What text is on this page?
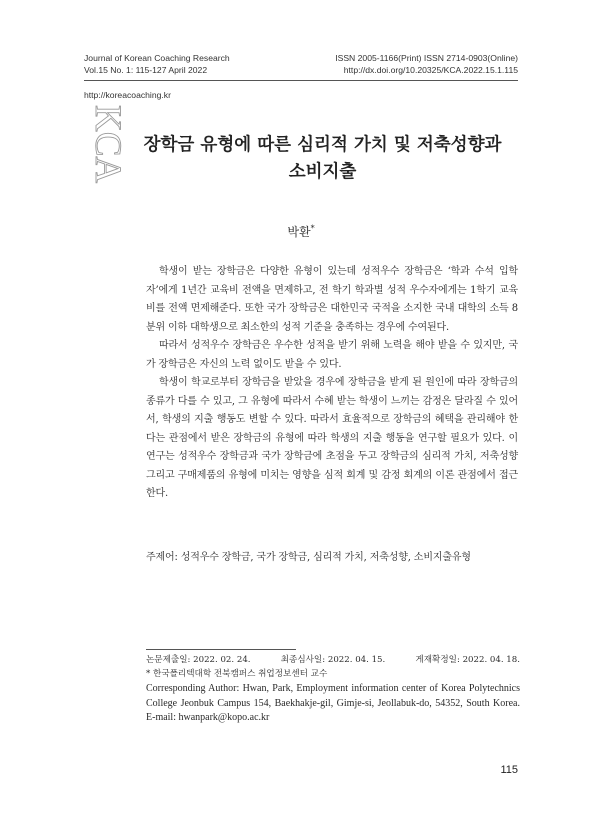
Journal of Korean Coaching Research
Vol.15 No. 1: 115-127 April 2022
ISSN 2005-1166(Print) ISSN 2714-0903(Online)
http://dx.doi.org/10.20325/KCA.2022.15.1.115
http://koreacoaching.kr
KCA 장학금 유형에 따른 심리적 가치 및 저축성향과
소비지출
박환*

학생이 받는 장학금은 다양한 유형이 있는데 성적우수 장학금은 ‘학과 수석 입학자’에게 1년간 교육비 전액을 면제하고, 전 학기 학과별 성적 우수자에게는 1학기 교육비를 전액 면제해준다. 또한 국가 장학금은 대한민국 국적을 소지한 국내 대학의 소득 8분위 이하 대학생으로 최소한의 성적 기준을 충족하는 경우에 수여된다.

따라서 성적우수 장학금은 우수한 성적을 받기 위해 노력을 해야 받을 수 있지만, 국가 장학금은 자신의 노력 없이도 받을 수 있다.

학생이 학교로부터 장학금을 받았을 경우에 장학금을 받게 된 원인에 따라 장학금의 종류가 다를 수 있고, 그 유형에 따라서 수혜 받는 학생이 느끼는 감정은 달라질 수 있어서, 학생의 지출 행동도 변할 수 있다. 따라서 효율적으로 장학금의 혜택을 관리해야 한다는 관점에서 받은 장학금의 유형에 따라 학생의 지출 행동을 연구할 필요가 있다. 이 연구는 성적우수 장학금과 국가 장학금에 초점을 두고 장학금의 심리적 가치, 저축성향 그리고 구매제품의 유형에 미치는 영향을 심적 회계 및 감정 회계의 이론 관점에서 접근한다.

주제어: 성적우수 장학금, 국가 장학금, 심리적 가치, 저축성향, 소비지출유형
논문제출일: 2022. 02. 24.	최종심사일: 2022. 04. 15.	게재확정일: 2022. 04. 18.
* 한국폴리텍대학 전북캠퍼스 취업정보센터 교수
Corresponding Author: Hwan, Park, Employment information center of Korea Polytechnics College Jeonbuk Campus 154, Baekhakje-gil, Gimje-si, Jeollabuk-do, 54352, South Korea. E-mail: hwanpark@kopo.ac.kr
115
